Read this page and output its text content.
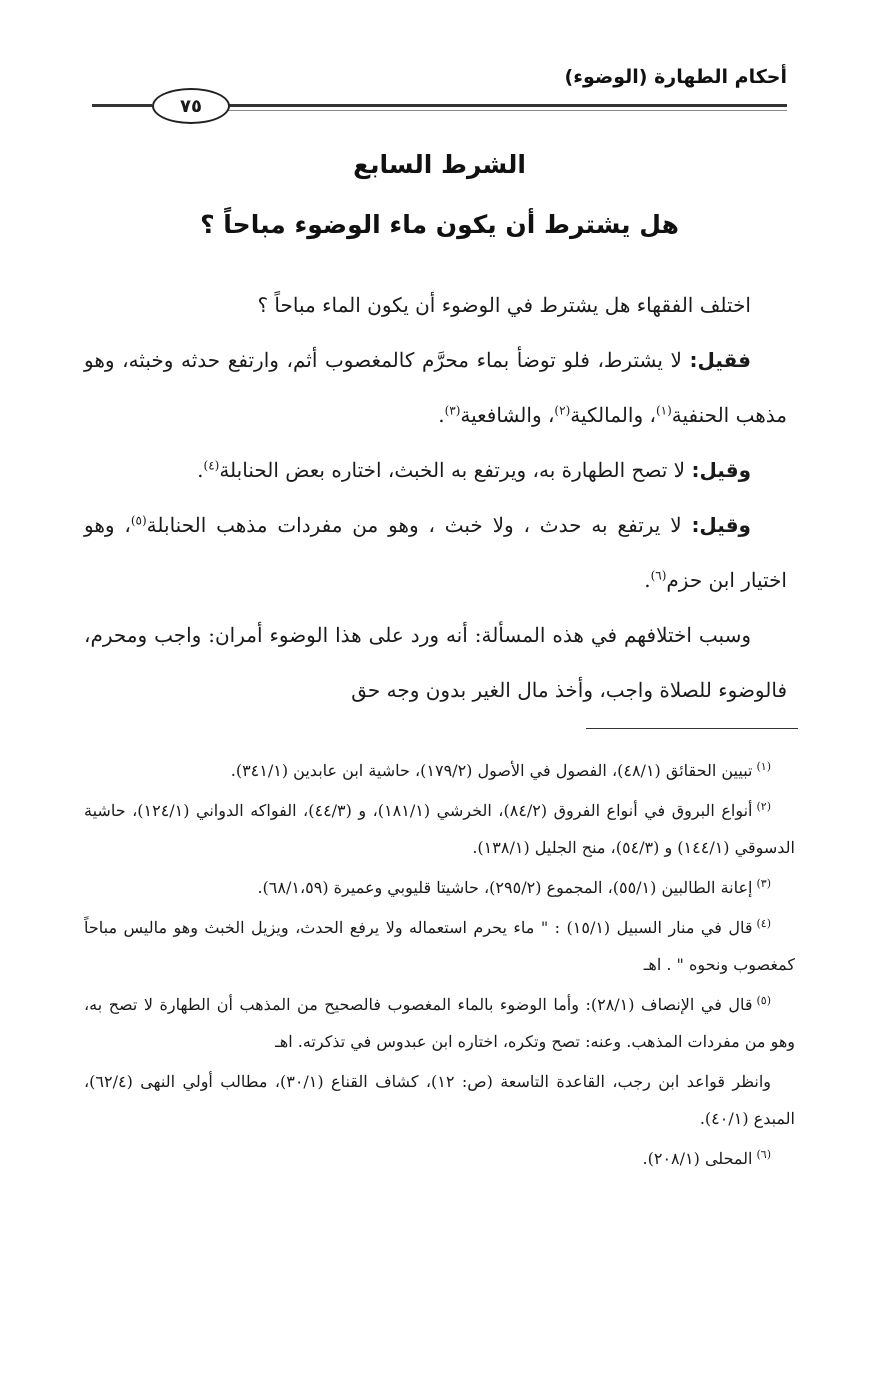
أحكام الطهارة (الوضوء)
٧٥
الشرط السابع
هل يشترط أن يكون ماء الوضوء مباحاً ؟

اختلف الفقهاء هل يشترط في الوضوء أن يكون الماء مباحاً ؟

فقيل: لا يشترط، فلو توضأ بماء محرَّم كالمغصوب أثم، وارتفع حدثه وخبثه، وهو مذهب الحنفية$^{(١)}$، والمالكية$^{(٢)}$، والشافعية$^{(٣)}$.

وقيل: لا تصح الطهارة به، ويرتفع به الخبث، اختاره بعض الحنابلة$^{(٤)}$.

وقيل: لا يرتفع به حدث ، ولا خبث ، وهو من مفردات مذهب الحنابلة$^{(٥)}$، وهو اختيار ابن حزم$^{(٦)}$.

وسبب اختلافهم في هذه المسألة: أنه ورد على هذا الوضوء أمران: واجب ومحرم، فالوضوء للصلاة واجب، وأخذ مال الغير بدون وجه حق

$^{(١)}$تبيين الحقائق (٤٨/١)، الفصول في الأصول (١٧٩/٢)، حاشية ابن عابدين (٣٤١/١).

$^{(٢)}$أنواع البروق في أنواع الفروق (٨٤/٢)، الخرشي (١٨١/١)، و (٤٤/٣)، الفواكه الدواني (١٢٤/١)، حاشية الدسوقي (١٤٤/١) و (٥٤/٣)، منح الجليل (١٣٨/١).

$^{(٣)}$إعانة الطالبين (٥٥/١)، المجموع (٢٩٥/٢)، حاشيتا قليوبي وعميرة (٦٨/١،٥٩).

$^{(٤)}$قال في منار السبيل (١٥/١) : " ماء يحرم استعماله ولا يرفع الحدث، ويزيل الخبث وهو ماليس مباحاً كمغصوب ونحوه " . اهـ

$^{(٥)}$قال في الإنصاف (٢٨/١): وأما الوضوء بالماء المغصوب فالصحيح من المذهب أن الطهارة لا تصح به، وهو من مفردات المذهب. وعنه: تصح وتكره، اختاره ابن عبدوس في تذكرته. اهـ

وانظر قواعد ابن رجب، القاعدة التاسعة (ص: ١٢)، كشاف القناع (٣٠/١)، مطالب أولي النهى (٦٢/٤)، المبدع (٤٠/١).

$^{(٦)}$المحلى (٢٠٨/١).
